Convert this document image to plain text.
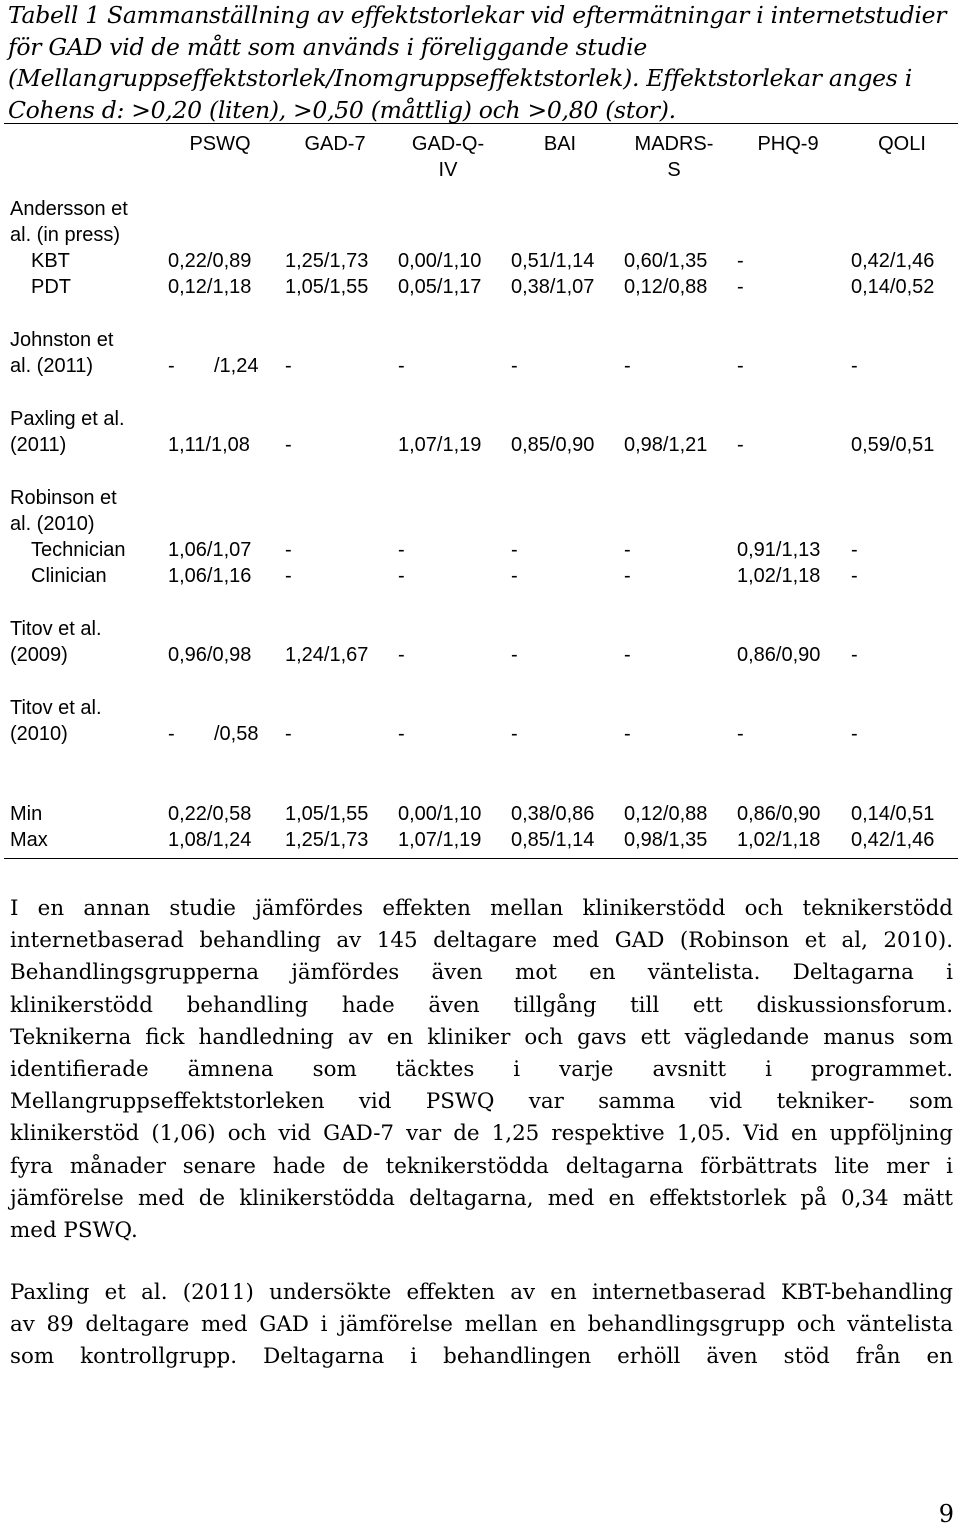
Tabell 1 Sammanställning av effektstorlekar vid eftermätningar i internetstudier
för GAD vid de mått som används i föreliggande studie
(Mellangruppseffektstorlek/Inomgruppseffektstorlek). Effektstorlekar anges i
Cohens d: >0,20 (liten), >0,50 (måttlig) och >0,80 (stor).
PSWQ	GAD-7	GAD-Q-
IV
BAI	MADRS-
S
PHQ-9	QOLI
Andersson et
al. (in press)
KBT	0,22/0,89 1,25/1,73 0,00/1,10 0,51/1,14 0,60/1,35 -	0,42/1,46
PDT	0,12/1,18 1,05/1,55 0,05/1,17 0,38/1,07 0,12/0,88 -	0,14/0,52
Johnston et
al. (2011)	- /1,24 -	-	-	-	-	-
Paxling et al.
(2011)	1,11/1,08 -	1,07/1,19 0,85/0,90 0,98/1,21 -	0,59/0,51
Robinson et
al. (2010)
Technician 1,06/1,07 -	-	-	-	0,91/1,13 -
Clinician	1,06/1,16 -	-	-	-	1,02/1,18 -
Titov et al.
(2009)	0,96/0,98 1,24/1,67 -	-	-	0,86/0,90 -
Titov et al.
(2010)	- /0,58 -	-	-	-	-	-
Min	0,22/0,58 1,05/1,55 0,00/1,10 0,38/0,86 0,12/0,88 0,86/0,90 0,14/0,51
Max	1,08/1,24 1,25/1,73 1,07/1,19 0,85/1,14 0,98/1,35 1,02/1,18 0,42/1,46
I en annan studie jämfördes effekten mellan klinikerstödd och teknikerstödd
internetbaserad behandling av 145 deltagare med GAD (Robinson et al, 2010).
Behandlingsgrupperna jämfördes även mot en väntelista. Deltagarna i
klinikerstödd behandling hade även tillgång till ett diskussionsforum.
Teknikerna fick handledning av en kliniker och gavs ett vägledande manus som
identifierade ämnena som täcktes i varje avsnitt i programmet.
Mellangruppseffektstorleken vid PSWQ var samma vid tekniker- som
klinikerstöd (1,06) och vid GAD-7 var de 1,25 respektive 1,05. Vid en uppföljning
fyra månader senare hade de teknikerstödda deltagarna förbättrats lite mer i
jämförelse med de klinikerstödda deltagarna, med en effektstorlek på 0,34 mätt
med PSWQ.
Paxling et al. (2011) undersökte effekten av en internetbaserad KBT-behandling
av 89 deltagare med GAD i jämförelse mellan en behandlingsgrupp och väntelista
som kontrollgrupp. Deltagarna i behandlingen erhöll även stöd från en
9
